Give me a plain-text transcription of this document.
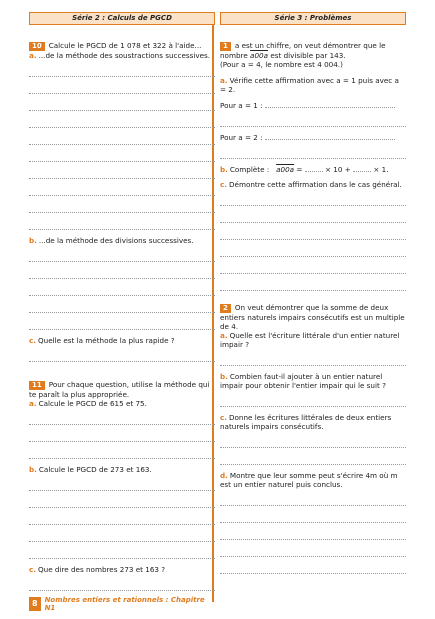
Série 2 : Calculs de PGCD

10 Calcule le PGCD de 1 078 et 322 à l'aide...

a. ...de la méthode des soustractions successives.

b. ...de la méthode des divisions successives.

c. Quelle est la méthode la plus rapide ?

11 Pour chaque question, utilise la méthode qui te paraît la plus appropriée.

a. Calcule le PGCD de 615 et 75.

b. Calcule le PGCD de 273 et 163.

c. Que dire des nombres 273 et 163 ?

Série 3 : Problèmes

1 a est un chiffre, on veut démontrer que le nombre a00a est divisible par 143.

(Pour a = 4, le nombre est 4 004.)

a. Vérifie cette affirmation avec a = 1 puis avec a = 2.

Pour a = 1 :

Pour a = 2 :

b. Complète : a00a =	× 10 +	× 1.

c. Démontre cette affirmation dans le cas général.

2 On veut démontrer que la somme de deux entiers naturels impairs consécutifs est un multiple de 4.

a. Quelle est l'écriture littérale d'un entier naturel impair ?

b. Combien faut-il ajouter à un entier naturel impair pour obtenir l'entier impair qui le suit ?

c. Donne les écritures littérales de deux entiers naturels impairs consécutifs.

d. Montre que leur somme peut s'écrire 4m où m est un entier naturel puis conclus.

8	Nombres entiers et rationnels : Chapitre N1
